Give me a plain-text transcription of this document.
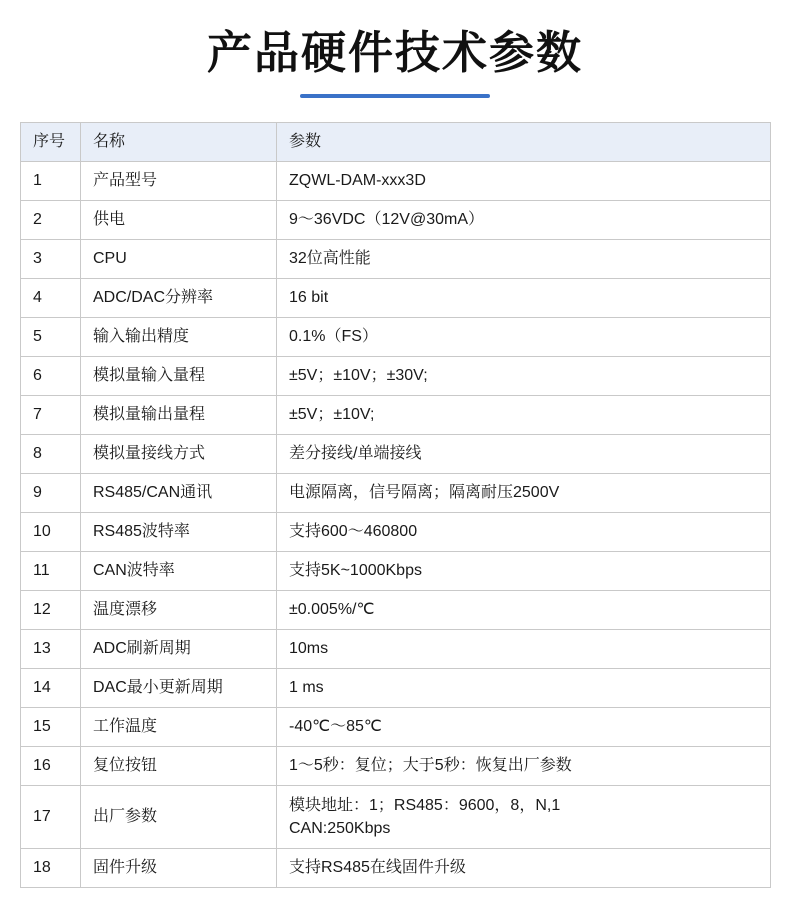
产品硬件技术参数
序号	名称	参数
1	产品型号	ZQWL-DAM-xxx3D

2	供电	9～36VDC（12V@30mA）

3	CPU	32位高性能

4	ADC/DAC分辨率	16 bit

5	输入输出精度	0.1%（FS）

6	模拟量输入量程	±5V；±10V；±30V;

7	模拟量输出量程	±5V；±10V;

8	模拟量接线方式	差分接线/单端接线

9	RS485/CAN通讯	电源隔离，信号隔离；隔离耐压2500V

10	RS485波特率	支持600～460800

11	CAN波特率	支持5K~1000Kbps

12	温度漂移	±0.005%/℃

13	ADC刷新周期	10ms

14	DAC最小更新周期	1 ms

15	工作温度	-40℃～85℃

16	复位按钮	1～5秒：复位；大于5秒：恢复出厂参数

17	出厂参数	模块地址：1；RS485：9600，8，N,1
CAN:250Kbps

18	固件升级	支持RS485在线固件升级
